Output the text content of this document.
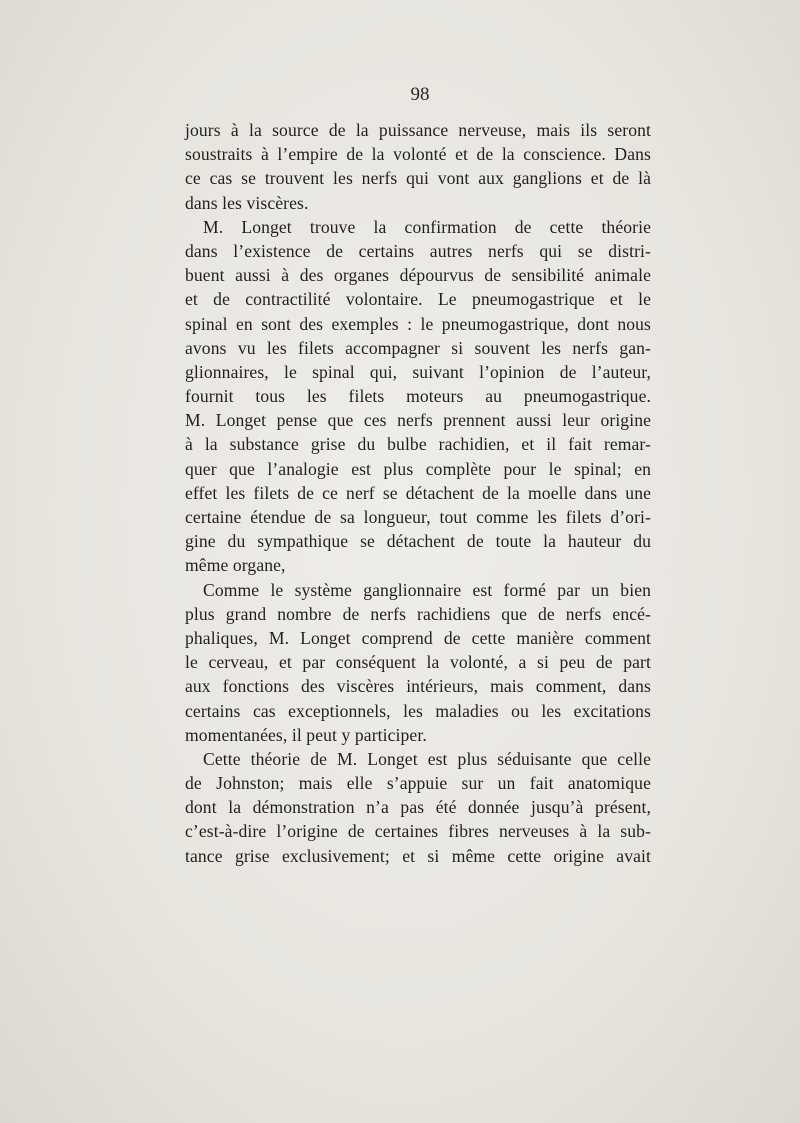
98
jours à la source de la puissance nerveuse, mais ils seront
soustraits à l’empire de la volonté et de la conscience. Dans
ce cas se trouvent les nerfs qui vont aux ganglions et de là
dans les viscères.
M. Longet trouve la confirmation de cette théorie
dans l’existence de certains autres nerfs qui se distri-
buent aussi à des organes dépourvus de sensibilité animale
et de contractilité volontaire. Le pneumogastrique et le
spinal en sont des exemples : le pneumogastrique, dont nous
avons vu les filets accompagner si souvent les nerfs gan-
glionnaires, le spinal qui, suivant l’opinion de l’auteur,
fournit tous les filets moteurs au pneumogastrique.
M. Longet pense que ces nerfs prennent aussi leur origine
à la substance grise du bulbe rachidien, et il fait remar-
quer que l’analogie est plus complète pour le spinal; en
effet les filets de ce nerf se détachent de la moelle dans une
certaine étendue de sa longueur, tout comme les filets d’ori-
gine du sympathique se détachent de toute la hauteur du
même organe,
Comme le système ganglionnaire est formé par un bien
plus grand nombre de nerfs rachidiens que de nerfs encé-
phaliques, M. Longet comprend de cette manière comment
le cerveau, et par conséquent la volonté, a si peu de part
aux fonctions des viscères intérieurs, mais comment, dans
certains cas exceptionnels, les maladies ou les excitations
momentanées, il peut y participer.
Cette théorie de M. Longet est plus séduisante que celle
de Johnston; mais elle s’appuie sur un fait anatomique
dont la démonstration n’a pas été donnée jusqu’à présent,
c’est-à-dire l’origine de certaines fibres nerveuses à la sub-
tance grise exclusivement; et si même cette origine avait
